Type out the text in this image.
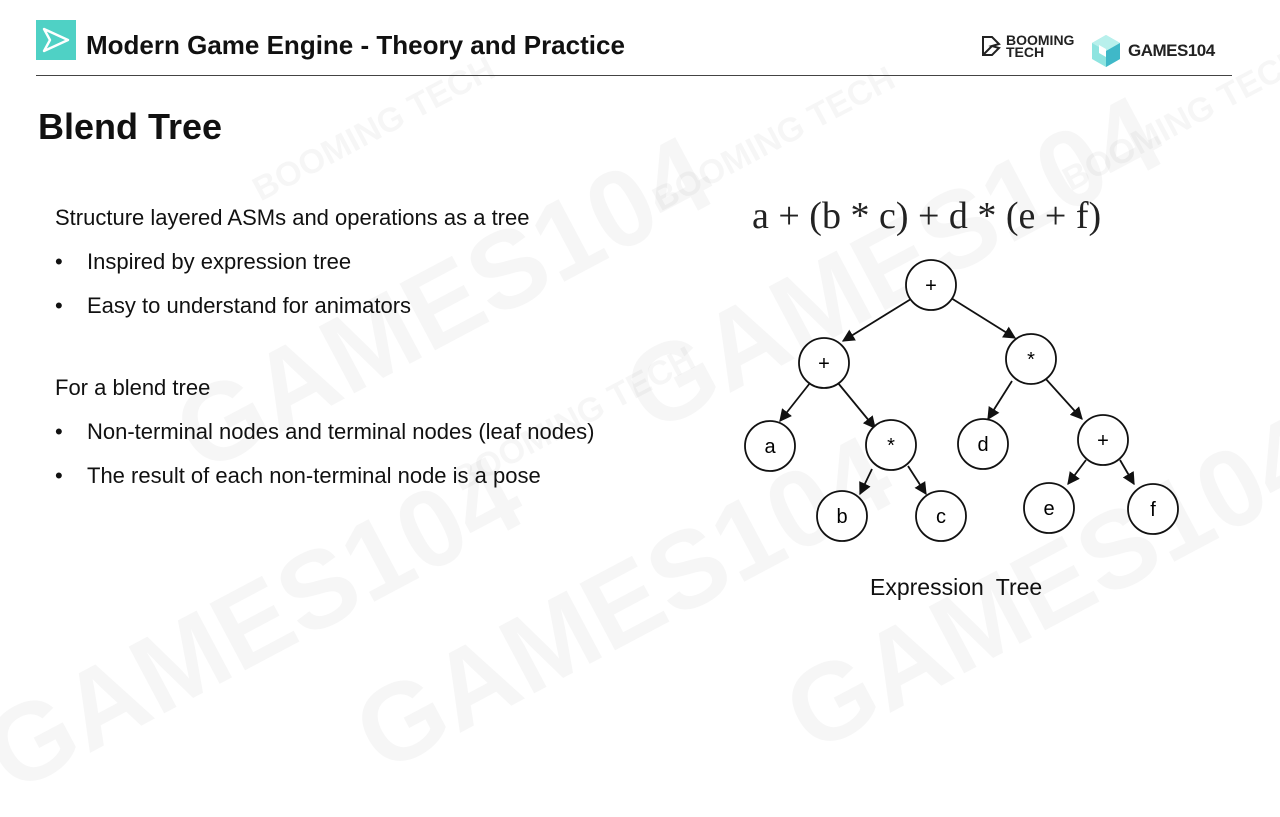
Modern Game Engine - Theory and Practice	BOOMING
TECH	GAMES104
Blend Tree

Structure layered ASMs and operations as a tree

• Inspired by expression tree
• Easy to understand for animators

For a blend tree

• Non-terminal nodes and terminal nodes (leaf nodes)
• The result of each non-terminal node is a pose
a + (b * c) + d * (e + f)
+
+	*
a	*	d	+
b	c	e	f
Expression Tree
